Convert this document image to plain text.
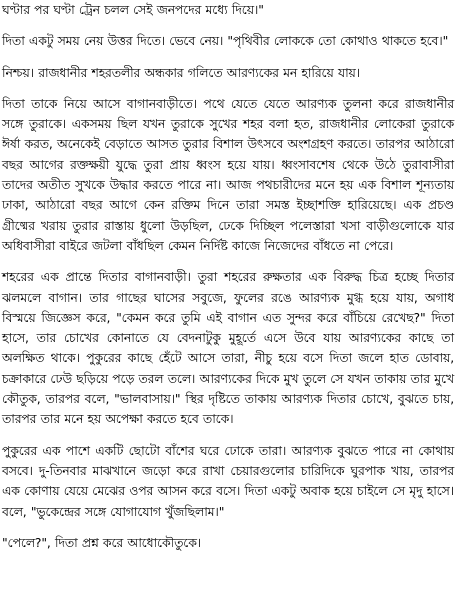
ঘণ্টার পর ঘণ্টা ট্রেন চলল সেই জনপদের মধ্যে দিয়ে।"

দিতা একটু সময় নেয় উত্তর দিতে। ভেবে নেয়। "পৃথিবীর লোককে তো কোথাও থাকতে হবে।"

নিশ্চয়। রাজধানীর শহরতলীর অন্ধকার গলিতে আরণ্যকের মন হারিয়ে যায়।

দিতা তাকে নিয়ে আসে বাগানবাড়ীতে। পথে যেতে যেতে আরণ্যক তুলনা করে রাজধানীর সঙ্গে তুরাকে। একসময় ছিল যখন তুরাকে সুখের শহর বলা হত, রাজধানীর লোকেরা তুরাকে ঈর্ষা করত, অনেকেই বেড়াতে আসত তুরার বিশাল উৎসবে অংশগ্রহণ করতে। তারপর আঠারো বছর আগের রক্তক্ষয়ী যুদ্ধে তুরা প্রায় ধ্বংস হয়ে যায়। ধ্বংসাবশেষ থেকে উঠে তুরাবাসীরা তাদের অতীত সুখকে উদ্ধার করতে পারে না। আজ পথচারীদের মনে হয় এক বিশাল শূন্যতায় ঢাকা, আঠারো বছর আগে কেন রক্তিম দিনে তারা সমস্ত ইচ্ছাশক্তি হারিয়েছে। এক প্রচণ্ড গ্রীষ্মের খরায় তুরার রাস্তায় ধুলো উড়ছিল, ঢেকে দিচ্ছিল পলেস্তারা খসা বাড়ীগুলোকে যার অধিবাসীরা বাইরে জটলা বাঁধছিল কেমন নির্দিষ্ট কাজে নিজেদের বাঁধতে না পেরে।

শহরের এক প্রান্তে দিতার বাগানবাড়ী। তুরা শহরের রুক্ষতার এক বিরুদ্ধ চিত্র হচ্ছে দিতার ঝলমলে বাগান। তার গাছের ঘাসের সবুজে, ফুলের রঙে আরণ্যক মুগ্ধ হয়ে যায়, অগাধ বিস্ময়ে জিজ্ঞেস করে, "কেমন করে তুমি এই বাগান এত সুন্দর করে বাঁচিয়ে রেখেছ?" দিতা হাসে, তার চোখের কোনাতে যে বেদনাটুকু মুহূর্তে এসে উবে যায় আরণ্যকের কাছে তা অলক্ষিত থাকে। পুকুরের কাছে হেঁটে আসে তারা, নীচু হয়ে বসে দিতা জলে হাত ডোবায়, চক্রাকারে ঢেউ ছড়িয়ে পড়ে তরল তলে। আরণ্যকের দিকে মুখ তুলে সে যখন তাকায় তার মুখে কৌতুক, তারপর বলে, "ভালবাসায়।" স্থির দৃষ্টিতে তাকায় আরণ্যক দিতার চোখে, বুঝতে চায়, তারপর তার মনে হয় অপেক্ষা করতে হবে তাকে।

পুকুরের এক পাশে একটি ছোটো বাঁশের ঘরে ঢোকে তারা। আরণ্যক বুঝতে পারে না কোথায় বসবে। দু-তিনবার মাঝখানে জড়ো করে রাখা চেয়ারগুলোর চারিদিকে ঘুরপাক খায়, তারপর এক কোণায় যেয়ে মেঝের ওপর আসন করে বসে। দিতা একটু অবাক হয়ে চাইলে সে মৃদু হাসে। বলে, "ভুকেন্দ্রের সঙ্গে যোগাযোগ খুঁজছিলাম।"

"পেলে?", দিতা প্রশ্ন করে আধোকৌতুকে।
